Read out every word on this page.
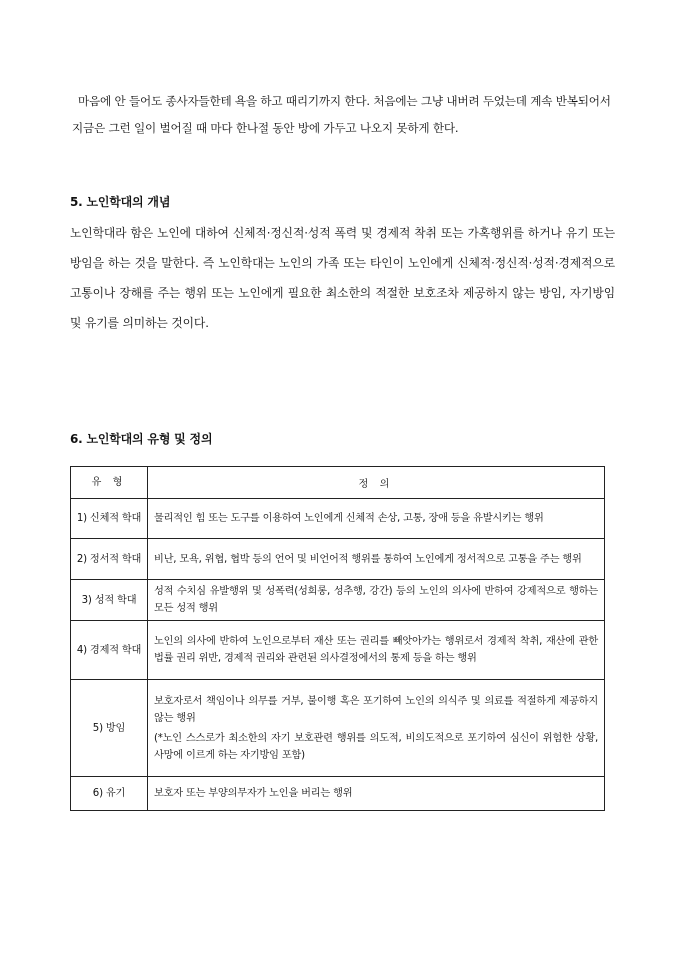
마음에 안 들어도 종사자들한테 욕을 하고 때리기까지 한다. 처음에는 그냥 내버려 두었는데 계속 반복되어서 지금은 그런 일이 벌어질 때 마다 한나절 동안 방에 가두고 나오지 못하게 한다.

5. 노인학대의 개념

노인학대라 함은 노인에 대하여 신체적·정신적·성적 폭력 및 경제적 착취 또는 가혹행위를 하거나 유기 또는 방임을 하는 것을 말한다. 즉 노인학대는 노인의 가족 또는 타인이 노인에게 신체적·정신적·성적·경제적으로 고통이나 장해를 주는 행위 또는 노인에게 필요한 최소한의 적절한 보호조차 제공하지 않는 방임, 자기방임 및 유기를 의미하는 것이다.

6. 노인학대의 유형 및 정의
유 형	정 의
1) 신체적 학대	물리적인 힘 또는 도구를 이용하여 노인에게 신체적 손상, 고통, 장애 등을 유발시키는 행위

2) 정서적 학대	비난, 모욕, 위협, 협박 등의 언어 및 비언어적 행위를 통하여 노인에게 정서적으로 고통을 주는 행위

3) 성적 학대	성적 수치심 유발행위 및 성폭력(성희롱, 성추행, 강간) 등의 노인의 의사에 반하여 강제적으로 행하는 모든 성적 행위

4) 경제적 학대	노인의 의사에 반하여 노인으로부터 재산 또는 권리를 빼앗아가는 행위로서 경제적 착취, 재산에 관한 법률 권리 위반, 경제적 권리와 관련된 의사결정에서의 통제 등을 하는 행위

5) 방임	보호자로서 책임이나 의무를 거부, 불이행 혹은 포기하여 노인의 의식주 및 의료를 적절하게 제공하지 않는 행위
(*노인 스스로가 최소한의 자기 보호관련 행위를 의도적, 비의도적으로 포기하여 심신이 위험한 상황, 사망에 이르게 하는 자기방임 포함)

6) 유기	보호자 또는 부양의무자가 노인을 버리는 행위
